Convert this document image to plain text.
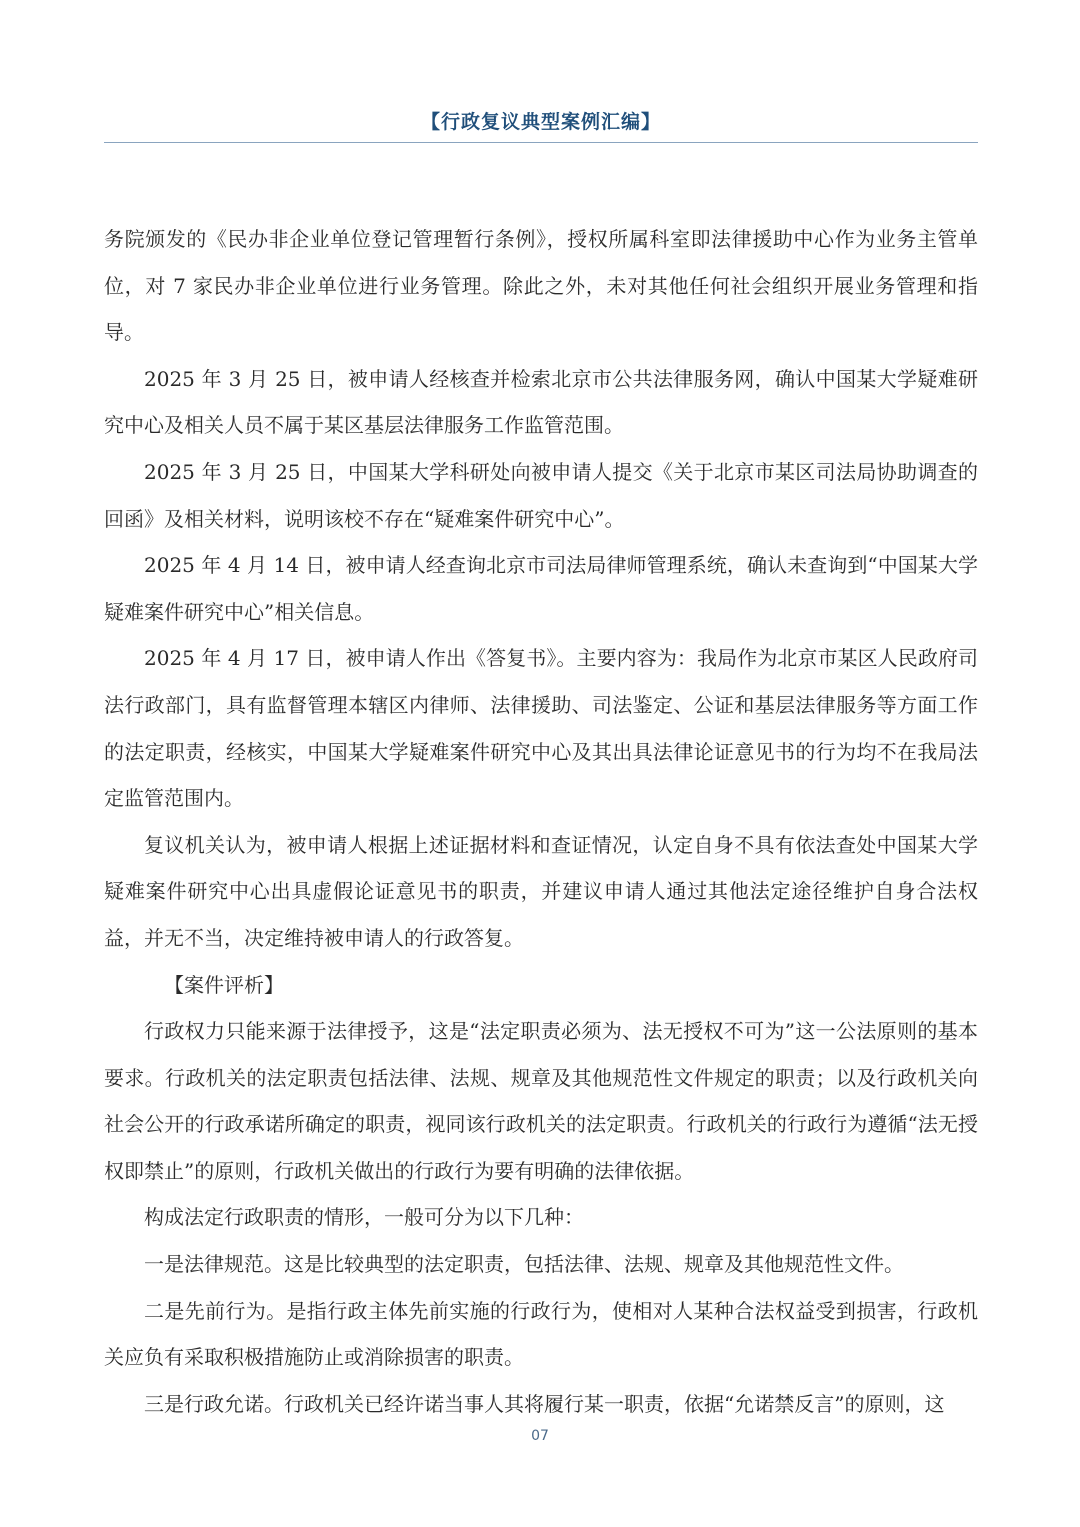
【行政复议典型案例汇编】

务院颁发的《民办非企业单位登记管理暂行条例》，授权所属科室即法律援助中心作为业务主管单位，对 7 家民办非企业单位进行业务管理。除此之外，未对其他任何社会组织开展业务管理和指导。

2025 年 3 月 25 日，被申请人经核查并检索北京市公共法律服务网，确认中国某大学疑难研究中心及相关人员不属于某区基层法律服务工作监管范围。

2025 年 3 月 25 日，中国某大学科研处向被申请人提交《关于北京市某区司法局协助调查的回函》及相关材料，说明该校不存在“疑难案件研究中心”。

2025 年 4 月 14 日，被申请人经查询北京市司法局律师管理系统，确认未查询到“中国某大学疑难案件研究中心”相关信息。

2025 年 4 月 17 日，被申请人作出《答复书》。主要内容为：我局作为北京市某区人民政府司法行政部门，具有监督管理本辖区内律师、法律援助、司法鉴定、公证和基层法律服务等方面工作的法定职责，经核实，中国某大学疑难案件研究中心及其出具法律论证意见书的行为均不在我局法定监管范围内。

复议机关认为，被申请人根据上述证据材料和查证情况，认定自身不具有依法查处中国某大学疑难案件研究中心出具虚假论证意见书的职责，并建议申请人通过其他法定途径维护自身合法权益，并无不当，决定维持被申请人的行政答复。

【案件评析】

行政权力只能来源于法律授予，这是“法定职责必须为、法无授权不可为”这一公法原则的基本要求。行政机关的法定职责包括法律、法规、规章及其他规范性文件规定的职责；以及行政机关向社会公开的行政承诺所确定的职责，视同该行政机关的法定职责。行政机关的行政行为遵循“法无授权即禁止”的原则，行政机关做出的行政行为要有明确的法律依据。

构成法定行政职责的情形，一般可分为以下几种：

一是法律规范。这是比较典型的法定职责，包括法律、法规、规章及其他规范性文件。

二是先前行为。是指行政主体先前实施的行政行为，使相对人某种合法权益受到损害，行政机关应负有采取积极措施防止或消除损害的职责。

三是行政允诺。行政机关已经许诺当事人其将履行某一职责，依据“允诺禁反言”的原则，这

07
